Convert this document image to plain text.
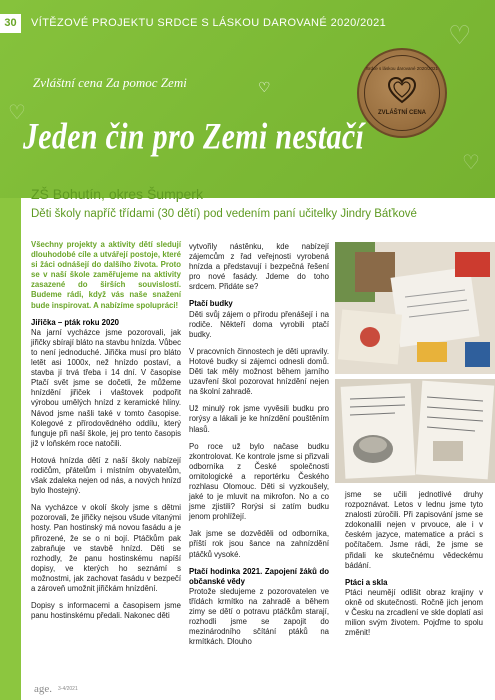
30	VÍTĚZOVÉ PROJEKTU SRDCE S LÁSKOU DAROVANÉ 2020/2021 ♡
♡
♡
Zvláštní cena Za pomoc Zemi	♡
Jeden čin pro Zemi nestačí
Srdce s láskou darované 2020/2021
ZVLÁŠTNÍ CENA
ZŠ Bohutín, okres Šumperk
Děti školy napříč třídami (30 dětí) pod vedením paní učitelky Jindry Báťkové

Všechny projekty a aktivity dětí sledují dlouhodobé cíle a utvářejí postoje, které si žáci odnášejí do dalšího života. Proto se v naší škole zaměřujeme na aktivity zasazené do širších souvislostí. Budeme rádi, když vás naše snažení bude inspirovat. A nabízíme spolupráci!

Jiřička – pták roku 2020

Na jarní vycházce jsme pozorovali, jak jiřičky sbírají bláto na stavbu hnízda. Vůbec to není jednoduché. Jiřička musí pro bláto letět asi 1000x, než hnízdo postaví, a stavba jí trvá třeba i 14 dní. V časopise Ptačí svět jsme se dočetli, že můžeme hnízdění jiřiček i vlaštovek podpořit výrobou umělých hnízd z keramické hlíny. Návod jsme našli také v tomto časopise. Kolegové z přírodovědného oddílu, který funguje při naší škole, jej pro tento časopis již v loňském roce natočili.

Hotová hnízda dětí z naší školy nabízejí rodičům, přátelům i místním obyvatelům, však zdaleka nejen od nás, a nových hnízd bylo lhostejný.

Na vycházce v okolí školy jsme s dětmi pozorovali, že jiřičky nejsou všude vítanými hosty. Pan hostinský má novou fasádu a je přirozené, že se o ni bojí. Ptáčkům pak zabraňuje ve stavbě hnízd. Děti se rozhodly, že panu hostinskému napíší dopisy, ve kterých ho seznámí s možnostmi, jak zachovat fasádu v bezpečí a zároveň umožnit jiřičkám hnízdění.

Dopisy s informacemi a časopisem jsme panu hostinskému předali. Nakonec děti

vytvořily nástěnku, kde nabízejí zájemcům z řad veřejnosti vyrobená hnízda a představují i bezpečná řešení pro nové fasády. Jdeme do toho srdcem. Přidáte se?

Ptačí budky

Děti svůj zájem o přírodu přenášejí i na rodiče. Někteří doma vyrobili ptačí budky.

V pracovních činnostech je děti upravily. Hotové budky si zájemci odnesli domů. Děti tak měly možnost během jarního uzavření škol pozorovat hnízdění nejen na školní zahradě.

Už minulý rok jsme vyvěsili budku pro rorýsy a lákali je ke hnízdění pouštěním hlasů.

Po roce už bylo načase budku zkontrolovat. Ke kontrole jsme si přizvali odborníka z České společnosti ornitologické a reportérku Českého rozhlasu Olomouc. Děti si vyzkoušely, jaké to je mluvit na mikrofon. No a co jsme zjistili? Rorýsi si zatím budku jenom prohlížejí.

Jak jsme se dozvěděli od odborníka, příští rok jsou šance na zahnízdění ptáčků vysoké.

Ptačí hodinka 2021. Zapojení žáků do občanské vědy

Protože sledujeme z pozorovatelen ve třídách krmítko na zahradě a během zimy se dětí o potravu ptáčkům starají, rozhodli jsme se zapojit do mezinárodního sčítání ptáků na krmítkách. Dlouho

jsme se učili jednotlivé druhy rozpoznávat. Letos v lednu jsme tyto znalosti zúročili. Při zapisování jsme se zdokonalili nejen v prvouce, ale i v českém jazyce, matematice a práci s počítačem. Jsme rádi, že jsme se přidali ke skutečnému vědeckému bádání.

Ptáci a skla

Ptáci neumějí odlišit obraz krajiny v okně od skutečnosti. Ročně jich jenom v Česku na zrcadlení ve skle doplatí asi milion svým životem. Pojďme to spolu změnit!

age. 3-4/2021
